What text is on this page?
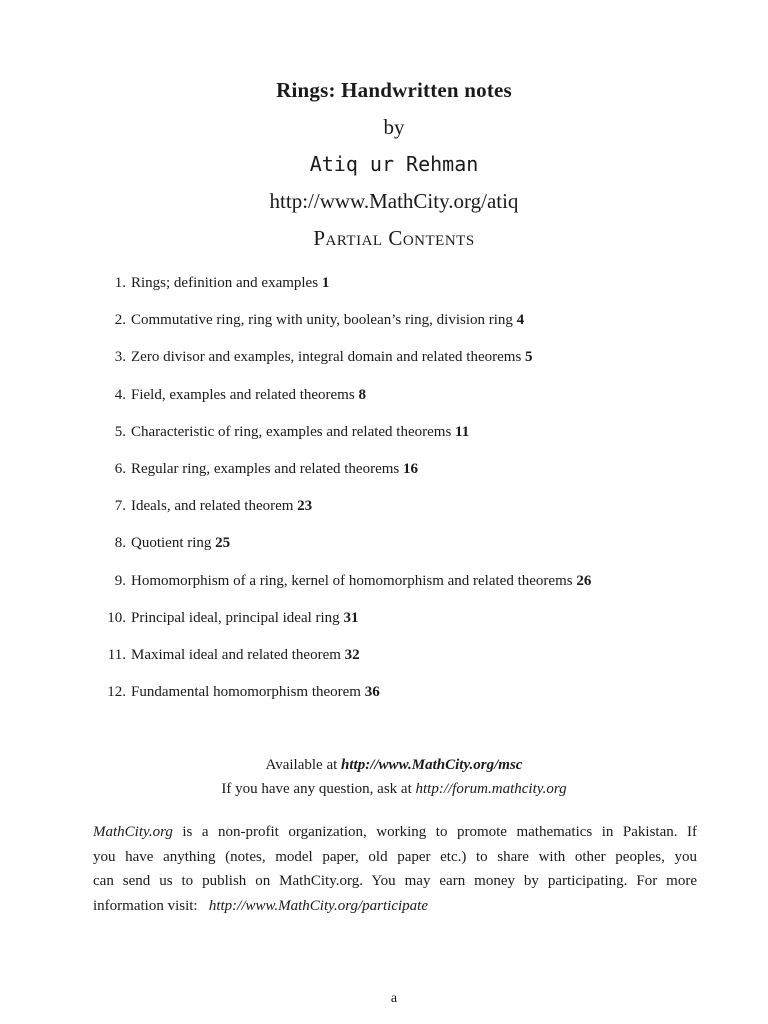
Rings: Handwritten notes
by
Atiq ur Rehman
http://www.MathCity.org/atiq
Partial Contents
1. Rings; definition and examples 1
2. Commutative ring, ring with unity, boolean’s ring, division ring 4
3. Zero divisor and examples, integral domain and related theorems 5
4. Field, examples and related theorems 8
5. Characteristic of ring, examples and related theorems 11
6. Regular ring, examples and related theorems 16
7. Ideals, and related theorem 23
8. Quotient ring 25
9. Homomorphism of a ring, kernel of homomorphism and related theorems 26
10. Principal ideal, principal ideal ring 31
11. Maximal ideal and related theorem 32
12. Fundamental homomorphism theorem 36
Available at http://www.MathCity.org/msc
If you have any question, ask at http://forum.mathcity.org
MathCity.org is a non-profit organization, working to promote mathematics in Pakistan. If
you have anything (notes, model paper, old paper etc.) to share with other peoples, you
can send us to publish on MathCity.org. You may earn money by participating. For more
information visit:   http://www.MathCity.org/participate
a
